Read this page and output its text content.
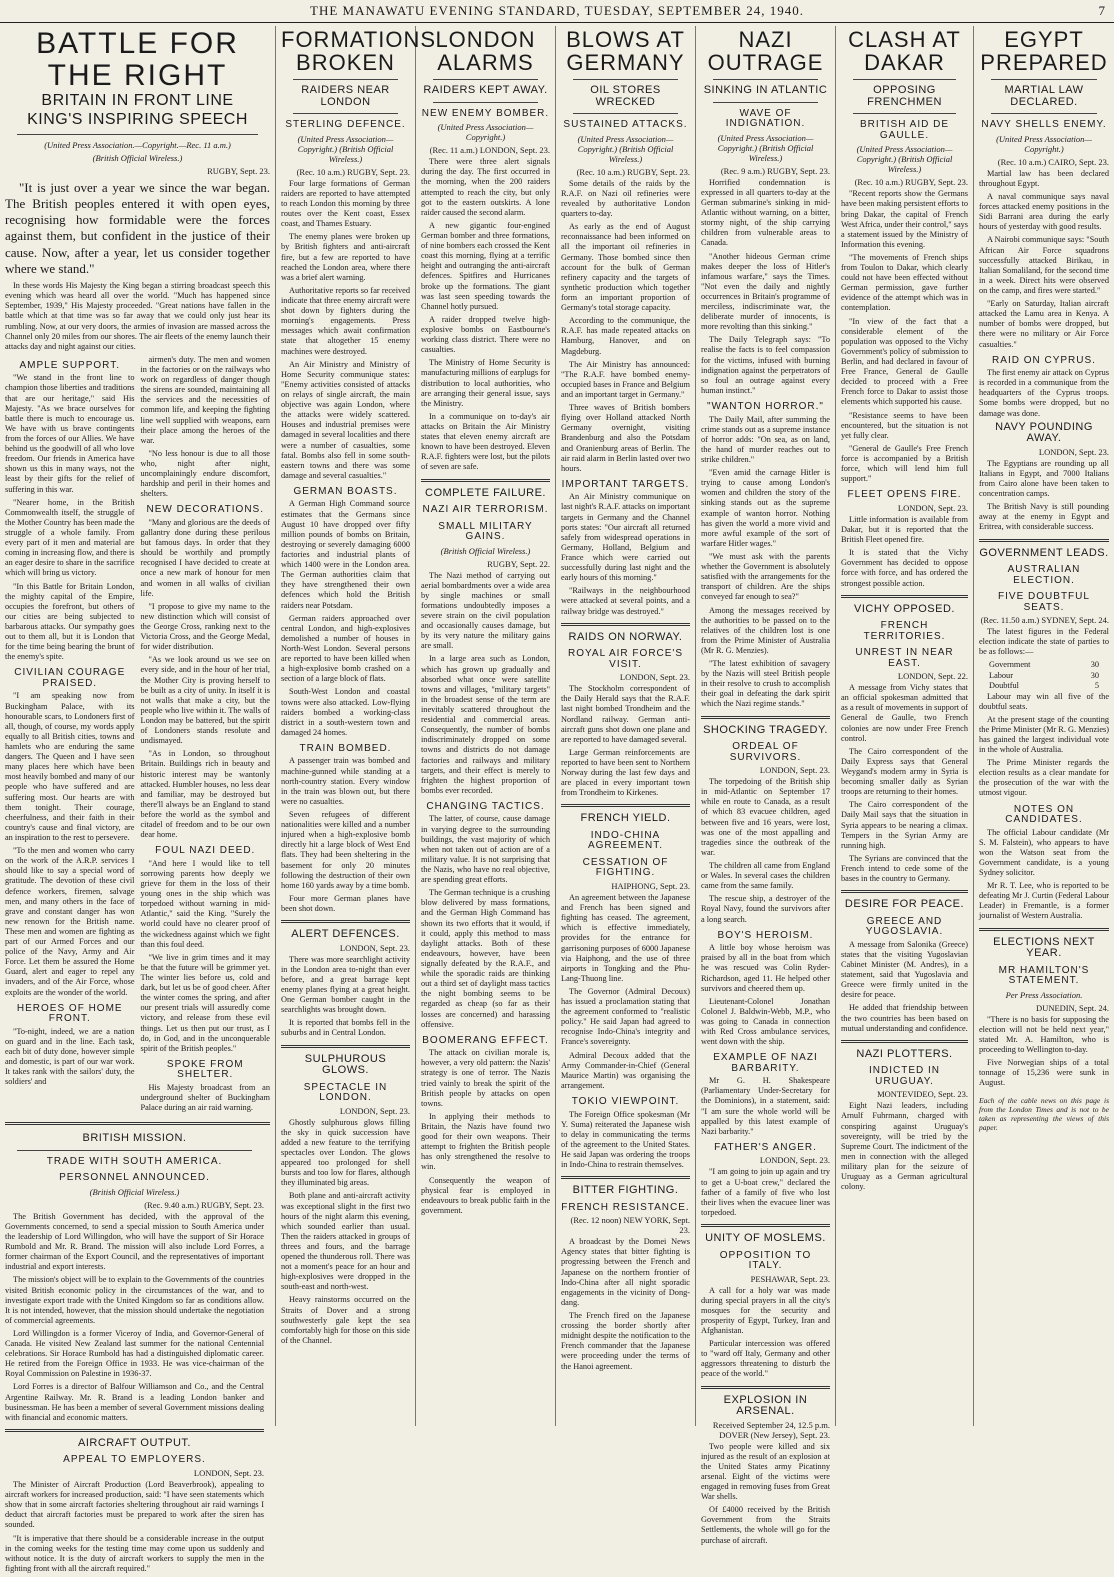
THE MANAWATU EVENING STANDARD, TUESDAY, SEPTEMBER 24, 1940.	7
BATTLE FOR THE RIGHT
BRITAIN IN FRONT LINE
KING'S INSPIRING SPEECH
(United Press Association.—Copyright.—Rec. 11 a.m.)
(British Official Wireless.)
RUGBY, Sept. 23.

"It is just over a year we since the war began. The British peoples entered it with open eyes, recognising how formidable were the forces against them, but confident in the justice of their cause. Now, after a year, let us consider together where we stand."

In these words His Majesty the King began a stirring broadcast speech this evening which was heard all over the world. "Much has happened since September, 1939," His Majesty proceeded. "Great nations have fallen in the battle which at that time was so far away that we could only just hear its rumbling. Now, at our very doors, the armies of invasion are massed across the Channel only 20 miles from our shores. The air fleets of the enemy launch their attacks day and night against our cities.

AMPLE SUPPORT.

"We stand in the front line to champion those liberties and traditions that are our heritage," said His Majesty. "As we brace ourselves for battle there is much to encourage us. We have with us brave contingents from the forces of our Allies. We have behind us the goodwill of all who love freedom. Our friends in America have shown us this in many ways, not the least by their gifts for the relief of suffering in this war.

"Nearer home, in the British Commonwealth itself, the struggle of the Mother Country has been made the struggle of a whole family. From every part of it men and material are coming in increasing flow, and there is an eager desire to share in the sacrifice which will bring us victory.

"In this Battle for Britain London, the mighty capital of the Empire, occupies the forefront, but others of our cities are being subjected to barbarous attacks. Our sympathy goes out to them all, but it is London that for the time being bearing the brunt of the enemy's spite.

CIVILIAN COURAGE PRAISED.

"I am speaking now from Buckingham Palace, with its honourable scars, to Londoners first of all, though, of course, my words apply equally to all British cities, towns and hamlets who are enduring the same dangers. The Queen and I have seen many places here which have been most heavily bombed and many of our people who have suffered and are suffering most. Our hearts are with them tonight. Their courage, cheerfulness, and their faith in their country's cause and final victory, are an inspiration to the rest to persevere.

"To the men and women who carry on the work of the A.R.P. services I should like to say a special word of gratitude. The devotion of these civil defence workers, firemen, salvage men, and many others in the face of grave and constant danger has won new renown for the British name. These men and women are fighting as part of our Armed Forces and our police of the Navy, Army and Air Force. Let them be assured the Home Guard, alert and eager to repel any invaders, and of the Air Force, whose exploits are the wonder of the world.

HEROES OF HOME FRONT.

"To-night, indeed, we are a nation on guard and in the line. Each task, each bit of duty done, however simple and domestic, is part of our war work. It takes rank with the sailors' duty, the soldiers' and

airmen's duty. The men and women in the factories or on the railways who work on regardless of danger though the sirens are sounded, maintaining all the services and the necessities of common life, and keeping the fighting line well supplied with weapons, earn their place among the heroes of the war.

"No less honour is due to all those who, night after night, uncomplainingly endure discomfort, hardship and peril in their homes and shelters.

NEW DECORATIONS.

"Many and glorious are the deeds of gallantry done during these perilous but famous days. In order that they should be worthily and promptly recognised I have decided to create at once a new mark of honour for men and women in all walks of civilian life.

"I propose to give my name to the new distinction which will consist of the George Cross, ranking next to the Victoria Cross, and the George Medal, for wider distribution.

"As we look around us we see on every side, and in the hour of her trial, the Mother City is proving herself to be built as a city of unity. In itself it is not walls that make a city, but the people who live within it. The walls of London may be battered, but the spirit of Londoners stands resolute and undismayed.

"As in London, so throughout Britain. Buildings rich in beauty and historic interest may be wantonly attacked. Humbler houses, no less dear and familiar, may be destroyed but there'll always be an England to stand before the world as the symbol and citadel of freedom and to be our own dear home.

FOUL NAZI DEED.

"And here I would like to tell sorrowing parents how deeply we grieve for them in the loss of their young ones in the ship which was torpedoed without warning in mid-Atlantic," said the King. "Surely the world could have no clearer proof of the wickedness against which we fight than this foul deed.

"We live in grim times and it may be that the future will be grimmer yet. The winter lies before us, cold and dark, but let us be of good cheer. After the winter comes the spring, and after our present trials will assuredly come victory, and release from these evil things. Let us then put our trust, as I do, in God, and in the unconquerable spirit of the British peoples."

SPOKE FROM SHELTER.

His Majesty broadcast from an underground shelter of Buckingham Palace during an air raid warning.

BRITISH MISSION.
TRADE WITH SOUTH AMERICA.
PERSONNEL ANNOUNCED.
(British Official Wireless.)
(Rec. 9.40 a.m.) RUGBY, Sept. 23.

The British Government has decided, with the approval of the Governments concerned, to send a special mission to South America under the leadership of Lord Willingdon, who will have the support of Sir Horace Rumbold and Mr. R. Brand. The mission will also include Lord Forres, a former chairman of the Export Council, and the representatives of important industrial and export interests.

The mission's object will be to explain to the Governments of the countries visited British economic policy in the circumstances of the war, and to investigate export trade with the United Kingdom so far as conditions allow. It is not intended, however, that the mission should undertake the negotiation of commercial agreements.

Lord Willingdon is a former Viceroy of India, and Governor-General of Canada. He visited New Zealand last summer for the national Centennial celebrations. Sir Horace Rumbold has had a distinguished diplomatic career. He retired from the Foreign Office in 1933. He was vice-chairman of the Royal Commission on Palestine in 1936-37.

Lord Forres is a director of Balfour Williamson and Co., and the Central Argentine Railway. Mr. R. Brand is a leading London banker and businessman. He has been a member of several Government missions dealing with financial and economic matters.

AIRCRAFT OUTPUT.
APPEAL TO EMPLOYERS.
LONDON, Sept. 23.

The Minister of Aircraft Production (Lord Beaverbrook), appealing to aircraft workers for increased production, said: "I have seen statements which show that in some aircraft factories sheltering throughout air raid warnings I deduct that aircraft factories must be prepared to work after the siren has sounded.

"It is imperative that there should be a considerable increase in the output in the coming weeks for the testing time may come upon us suddenly and without notice. It is the duty of aircraft workers to supply the men in the fighting front with all the aircraft required."

FORMATIONS BROKEN
RAIDERS NEAR LONDON
STERLING DEFENCE.
(United Press Association—Copyright.) (British Official Wireless.)
(Rec. 10 a.m.) RUGBY, Sept. 23.

Four large formations of German raiders are reported to have attempted to reach London this morning by three routes over the Kent coast, Essex coast, and Thames Estuary.

The enemy planes were broken up by British fighters and anti-aircraft fire, but a few are reported to have reached the London area, where there was a brief alert warning.

Authoritative reports so far received indicate that three enemy aircraft were shot down by fighters during the morning's engagements. Press messages which await confirmation state that altogether 15 enemy machines were destroyed.

An Air Ministry and Ministry of Home Security communique states: "Enemy activities consisted of attacks on relays of single aircraft, the main objective was again London, where the attacks were widely scattered. Houses and industrial premises were damaged in several localities and there were a number of casualties, some fatal. Bombs also fell in some south-eastern towns and there was some damage and several casualties."

GERMAN BOASTS.

A German High Command source estimates that the Germans since August 10 have dropped over fifty million pounds of bombs on Britain, destroying or severely damaging 6000 factories and industrial plants of which 1400 were in the London area. The German authorities claim that they have strengthened their own defences which hold the British raiders near Potsdam.

German raiders approached over central London, and high-explosives demolished a number of houses in North-West London. Several persons are reported to have been killed when a high-explosive bomb crashed on a section of a large block of flats.

South-West London and coastal towns were also attacked. Low-flying raiders bombed a working-class district in a south-western town and damaged 24 homes.

TRAIN BOMBED.

A passenger train was bombed and machine-gunned while standing at a north-country station. Every window in the train was blown out, but there were no casualties.

Seven refugees of different nationalities were killed and a number injured when a high-explosive bomb directly hit a large block of West End flats. They had been sheltering in the basement for only 20 minutes following the destruction of their own home 160 yards away by a time bomb.

Four more German planes have been shot down.

ALERT DEFENCES.
LONDON, Sept. 23.

There was more searchlight activity in the London area to-night than ever before, and a great barrage kept enemy planes flying at a great height. One German bomber caught in the searchlights was brought down.

It is reported that bombs fell in the suburbs and in Central London.

SULPHUROUS GLOWS.
SPECTACLE IN LONDON.
LONDON, Sept. 23.

Ghostly sulphurous glows filling the sky in quick succession have added a new feature to the terrifying spectacles over London. The glows appeared too prolonged for shell bursts and too low for flares, although they illuminated big areas.

Both plane and anti-aircraft activity was exceptional slight in the first two hours of the night alarm this evening, which sounded earlier than usual. Then the raiders attacked in groups of threes and fours, and the barrage opened the thunderous roll. There was not a moment's peace for an hour and high-explosives were dropped in the south-east and north-west.

Heavy rainstorms occurred on the Straits of Dover and a strong southwesterly gale kept the sea comfortably high for those on this side of the Channel.

LONDON ALARMS
RAIDERS KEPT AWAY.
NEW ENEMY BOMBER.
(United Press Association—Copyright.)
(Rec. 11 a.m.) LONDON, Sept. 23.

There were three alert signals during the day. The first occurred in the morning, when the 200 raiders attempted to reach the city, but only got to the eastern outskirts. A lone raider caused the second alarm.

A new gigantic four-engined German bomber and three formations, of nine bombers each crossed the Kent coast this morning, flying at a terrific height and outranging the anti-aircraft defences. Spitfires and Hurricanes broke up the formations. The giant was last seen speeding towards the Channel hotly pursued.

A raider dropped twelve high-explosive bombs on Eastbourne's working class district. There were no casualties.

The Ministry of Home Security is manufacturing millions of earplugs for distribution to local authorities, who are arranging their general issue, says the Ministry.

In a communique on to-day's air attacks on Britain the Air Ministry states that eleven enemy aircraft are known to have been destroyed. Eleven R.A.F. fighters were lost, but the pilots of seven are safe.

COMPLETE FAILURE.
NAZI AIR TERRORISM.
SMALL MILITARY GAINS.
(British Official Wireless.)
RUGBY, Sept. 22.

The Nazi method of carrying out aerial bombardments over a wide area by single machines or small formations undoubtedly imposes a severe strain on the civil population and occasionally causes damage, but by its very nature the military gains are small.

In a large area such as London, which has grown up gradually and absorbed what once were satellite towns and villages, "military targets" in the broadest sense of the term are inevitably scattered throughout the residential and commercial areas. Consequently, the number of bombs indiscriminately dropped on some towns and districts do not damage factories and railways and military targets, and their effect is merely to frighten the highest proportion of bombs ever recorded.

CHANGING TACTICS.

The latter, of course, cause damage in varying degree to the surrounding buildings, the vast majority of which when not taken out of action are of a military value. It is not surprising that the Nazis, who have no real objective, are spending great efforts.

The German technique is a crushing blow delivered by mass formations, and the German High Command has shown its two efforts that it would, if it could, apply this method to mass daylight attacks. Both of these endeavours, however, have been signally defeated by the R.A.F., and while the sporadic raids are thinking out a third set of daylight mass tactics the night bombing seems to be regarded as cheap (so far as their losses are concerned) and harassing offensive.

BOOMERANG EFFECT.

The attack on civilian morale is, however, a very old pattern: the Nazis' strategy is one of terror. The Nazis tried vainly to break the spirit of the British people by attacks on open towns.

In applying their methods to Britain, the Nazis have found two good for their own weapons. Their attempt to frighten the British people has only strengthened the resolve to win.

Consequently the weapon of physical fear is employed in endeavours to break public faith in the government.

BLOWS AT GERMANY
OIL STORES WRECKED
SUSTAINED ATTACKS.
(United Press Association—Copyright.) (British Official Wireless.)
(Rec. 10 a.m.) RUGBY, Sept. 23.

Some details of the raids by the R.A.F. on Nazi oil refineries were revealed by authoritative London quarters to-day.

As early as the end of August reconnaissance had been informed on all the important oil refineries in Germany. Those bombed since then account for the bulk of German refinery capacity and the targets of synthetic production which together form an important proportion of Germany's total storage capacity.

According to the communique, the R.A.F. has made repeated attacks on Hamburg, Hanover, and on Magdeburg.

The Air Ministry has announced: "The R.A.F. have bombed enemy-occupied bases in France and Belgium and an important target in Germany."

Three waves of British bombers flying over Holland attacked North Germany overnight, visiting Brandenburg and also the Potsdam and Oranienburg areas of Berlin. The air raid alarm in Berlin lasted over two hours.

IMPORTANT TARGETS.

An Air Ministry communique on last night's R.A.F. attacks on important targets in Germany and the Channel ports states: "Our aircraft all returned safely from widespread operations in Germany, Holland, Belgium and France which were carried out successfully during last night and the early hours of this morning."

"Railways in the neighbourhood were attacked at several points, and a railway bridge was destroyed."

RAIDS ON NORWAY.
ROYAL AIR FORCE'S VISIT.
LONDON, Sept. 23.

The Stockholm correspondent of the Daily Herald says that the R.A.F. last night bombed Trondheim and the Nordland railway. German anti-aircraft guns shot down one plane and are reported to have damaged several.

Large German reinforcements are reported to have been sent to Northern Norway during the last few days and are placed in every important town from Trondheim to Kirkenes.

FRENCH YIELD.
INDO-CHINA AGREEMENT.
CESSATION OF FIGHTING.
HAIPHONG, Sept. 23.

An agreement between the Japanese and French has been signed and fighting has ceased. The agreement, which is effective immediately, provides for the entrance for garrisoning purposes of 6000 Japanese via Haiphong, and the use of three airports in Tongking and the Phu-Lang-Thuong line.

The Governor (Admiral Decoux) has issued a proclamation stating that the agreement conformed to "realistic policy." He said Japan had agreed to recognise Indo-China's integrity and France's sovereignty.

Admiral Decoux added that the Army Commander-in-Chief (General Maurice Martin) was organising the arrangement.

TOKIO VIEWPOINT.

The Foreign Office spokesman (Mr Y. Suma) reiterated the Japanese wish to delay in communicating the terms of the agreement to the United States. He said Japan was ordering the troops in Indo-China to restrain themselves.

BITTER FIGHTING.
FRENCH RESISTANCE.
(Rec. 12 noon) NEW YORK, Sept. 23.

A broadcast by the Domei News Agency states that bitter fighting is progressing between the French and Japanese on the northern frontier of Indo-China after all night sporadic engagements in the vicinity of Dong-dang.

The French fired on the Japanese crossing the border shortly after midnight despite the notification to the French commander that the Japanese were proceeding under the terms of the Hanoi agreement.

NAZI OUTRAGE
SINKING IN ATLANTIC
WAVE OF INDIGNATION.
(United Press Association—Copyright.) (British Official Wireless.)
(Rec. 9 a.m.) RUGBY, Sept. 23.

Horrified condemnation is expressed in all quarters to-day at the German submarine's sinking in mid-Atlantic without warning, on a bitter, stormy night, of the ship carrying children from vulnerable areas to Canada.

"Another hideous German crime makes deeper the loss of Hitler's infamous warfare," says the Times. "Not even the daily and nightly occurrences in Britain's programme of merciless, indiscriminate war, the deliberate murder of innocents, is more revolting than this sinking."

The Daily Telegraph says: "To realise the facts is to feel compassion for the victims, infused with burning indignation against the perpetrators of so foul an outrage against every human instinct."

"WANTON HORROR."

The Daily Mail, after summing the crime stands out as a supreme instance of horror adds: "On sea, as on land, the hand of murder reaches out to strike children."

"Even amid the carnage Hitler is trying to cause among London's women and children the story of the sinking stands out as the supreme example of wanton horror. Nothing has given the world a more vivid and more awful example of the sort of warfare Hitler wages."

"We must ask with the parents whether the Government is absolutely satisfied with the arrangements for the transport of children. Are the ships conveyed far enough to sea?"

Among the messages received by the authorities to be passed on to the relatives of the children lost is one from the Prime Minister of Australia (Mr R. G. Menzies).

"The latest exhibition of savagery by the Nazis will steel British people in their resolve to crush to accomplish their goal in defeating the dark spirit which the Nazi regime stands."

SHOCKING TRAGEDY.
ORDEAL OF SURVIVORS.
LONDON, Sept. 23.

The torpedoing of the British ship in mid-Atlantic on September 17 while en route to Canada, as a result of which 83 evacuee children, aged between five and 16 years, were lost, was one of the most appalling and tragedies since the outbreak of the war.

The children all came from England or Wales. In several cases the children came from the same family.

The rescue ship, a destroyer of the Royal Navy, found the survivors after a long search.

BOY'S HEROISM.

A little boy whose heroism was praised by all in the boat from which he was rescued was Colin Ryder-Richardson, aged 11. He helped other survivors and cheered them up.

Lieutenant-Colonel Jonathan Colonel J. Baldwin-Webb, M.P., who was going to Canada in connection with Red Cross ambulance services, went down with the ship.

EXAMPLE OF NAZI BARBARITY.

Mr G. H. Shakespeare (Parliamentary Under-Secretary for the Dominions), in a statement, said: "I am sure the whole world will be appalled by this latest example of Nazi barbarity."

FATHER'S ANGER.
LONDON, Sept. 23.

"I am going to join up again and try to get a U-boat crew," declared the father of a family of five who lost their lives when the evacuee liner was torpedoed.

UNITY OF MOSLEMS.
OPPOSITION TO ITALY.
PESHAWAR, Sept. 23.

A call for a holy war was made during special prayers in all the city's mosques for the security and prosperity of Egypt, Turkey, Iran and Afghanistan.

Particular intercession was offered to "ward off Italy, Germany and other aggressors threatening to disturb the peace of the world."

EXPLOSION IN ARSENAL.
Received September 24, 12.5 p.m. DOVER (New Jersey), Sept. 23.

Two people were killed and six injured as the result of an explosion at the United States army Picatinny arsenal. Eight of the victims were engaged in removing fuses from Great War shells.

Of £4000 received by the British Government from the Straits Settlements, the whole will go for the purchase of aircraft.

CLASH AT DAKAR
OPPOSING FRENCHMEN
BRITISH AID DE GAULLE.
(United Press Association—Copyright.) (British Official Wireless.)
(Rec. 10 a.m.) RUGBY, Sept. 23.

"Recent reports show the Germans have been making persistent efforts to bring Dakar, the capital of French West Africa, under their control," says a statement issued by the Ministry of Information this evening.

"The movements of French ships from Toulon to Dakar, which clearly could not have been effected without German permission, gave further evidence of the attempt which was in contemplation.

"In view of the fact that a considerable element of the population was opposed to the Vichy Government's policy of submission to Berlin, and had declared in favour of Free France, General de Gaulle decided to proceed with a Free French force to Dakar to assist those elements which supported his cause.

"Resistance seems to have been encountered, but the situation is not yet fully clear.

"General de Gaulle's Free French force is accompanied by a British force, which will lend him full support."

FLEET OPENS FIRE.
LONDON, Sept. 23.

Little information is available from Dakar, but it is reported that the British Fleet opened fire.

It is stated that the Vichy Government has decided to oppose force with force, and has ordered the strongest possible action.

VICHY OPPOSED.
FRENCH TERRITORIES.
UNREST IN NEAR EAST.
LONDON, Sept. 22.

A message from Vichy states that an official spokesman admitted that as a result of movements in support of General de Gaulle, two French colonies are now under Free French control.

The Cairo correspondent of the Daily Express says that General Weygand's modern army in Syria is becoming smaller daily as Syrian troops are returning to their homes.

The Cairo correspondent of the Daily Mail says that the situation in Syria appears to be nearing a climax. Tempers in the Syrian Army are running high.

The Syrians are convinced that the French intend to cede some of the bases in the country to Germany.

DESIRE FOR PEACE.
GREECE AND YUGOSLAVIA.

A message from Salonika (Greece) states that the visiting Yugoslavian Cabinet Minister (M. Andres), in a statement, said that Yugoslavia and Greece were firmly united in the desire for peace.

He added that friendship between the two countries has been based on mutual understanding and confidence.

NAZI PLOTTERS.
INDICTED IN URUGUAY.
MONTEVIDEO, Sept. 23.

Eight Nazi leaders, including Arnulf Fuhrmann, charged with conspiring against Uruguay's sovereignty, will be tried by the Supreme Court. The indictment of the men in connection with the alleged military plan for the seizure of Uruguay as a German agricultural colony.

EGYPT PREPARED
MARTIAL LAW DECLARED.
NAVY SHELLS ENEMY.
(United Press Association—Copyright.)
(Rec. 10 a.m.) CAIRO, Sept. 23.

Martial law has been declared throughout Egypt.

A naval communique says naval forces attacked enemy positions in the Sidi Barrani area during the early hours of yesterday with good results.

A Nairobi communique says: "South African Air Force squadrons successfully attacked Birikau, in Italian Somaliland, for the second time in a week. Direct hits were observed on the camp, and fires were started."

"Early on Saturday, Italian aircraft attacked the Lamu area in Kenya. A number of bombs were dropped, but there were no military or Air Force casualties."

RAID ON CYPRUS.

The first enemy air attack on Cyprus is recorded in a communique from the headquarters of the Cyprus troops. Some bombs were dropped, but no damage was done.

NAVY POUNDING AWAY.
LONDON, Sept. 23.

The Egyptians are rounding up all Italians in Egypt, and 7000 Italians from Cairo alone have been taken to concentration camps.

The British Navy is still pounding away at the enemy in Egypt and Eritrea, with considerable success.

GOVERNMENT LEADS.
AUSTRALIAN ELECTION.
FIVE DOUBTFUL SEATS.
(Rec. 11.50 a.m.) SYDNEY, Sept. 24.

The latest figures in the Federal election indicate the state of parties to be as follows:—

Government	30
Labour	30
Doubtful	5

Labour may win all five of the doubtful seats.

At the present stage of the counting the Prime Minister (Mr R. G. Menzies) has gained the largest individual vote in the whole of Australia.

The Prime Minister regards the election results as a clear mandate for the prosecution of the war with the utmost vigour.

NOTES ON CANDIDATES.

The official Labour candidate (Mr S. M. Falstein), who appears to have won the Watson seat from the Government candidate, is a young Sydney solicitor.

Mr R. T. Lee, who is reported to be defeating Mr J. Curtin (Federal Labour Leader) in Fremantle, is a former journalist of Western Australia.

ELECTIONS NEXT YEAR.
MR HAMILTON'S STATEMENT.
Per Press Association.
DUNEDIN, Sept. 24.

"There is no basis for supposing the election will not be held next year," stated Mr. A. Hamilton, who is proceeding to Wellington to-day.

Five Norwegian ships of a total tonnage of 15,236 were sunk in August.

Each of the cable news on this page is from the London Times and is not to be taken as representing the views of this paper.
